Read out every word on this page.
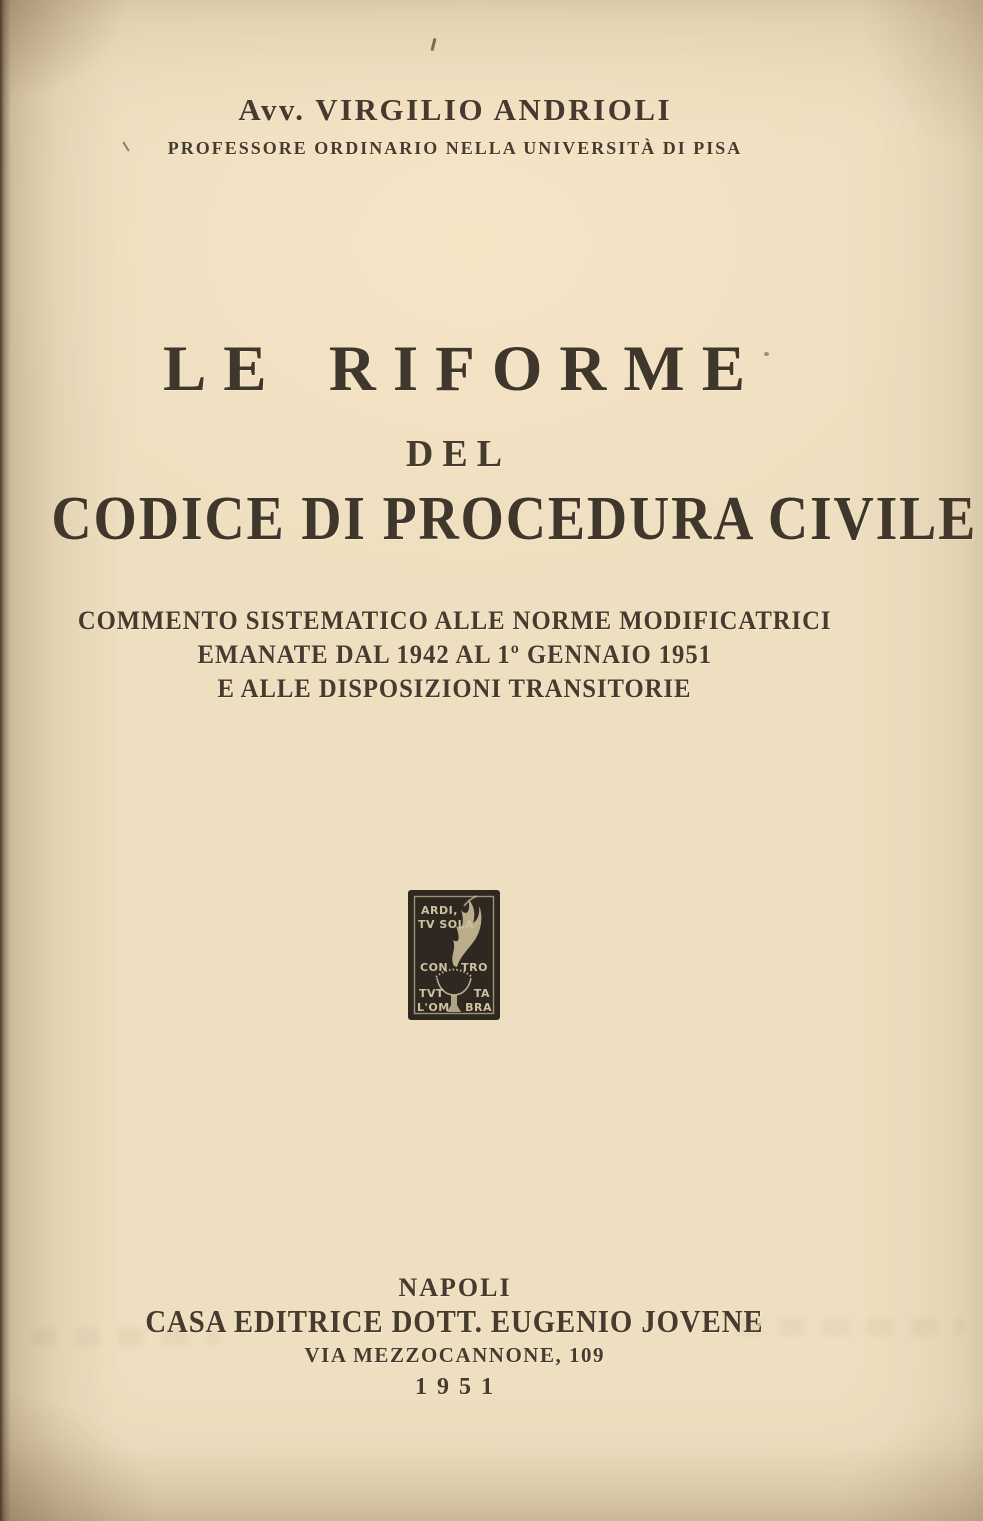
Avv. VIRGILIO ANDRIOLI
PROFESSORE ORDINARIO NELLA UNIVERSITÀ DI PISA
LE RIFORME
DEL
CODICE DI PROCEDURA CIVILE
COMMENTO SISTEMATICO ALLE NORME MODIFICATRICI
EMANATE DAL 1942 AL 1º GENNAIO 1951
E ALLE DISPOSIZIONI TRANSITORIE
ARDI,
TV SOLA
CON TRO
TVT	TA
L'OM BRA
NAPOLI
CASA EDITRICE DOTT. EUGENIO JOVENE
VIA MEZZOCANNONE, 109
1951
